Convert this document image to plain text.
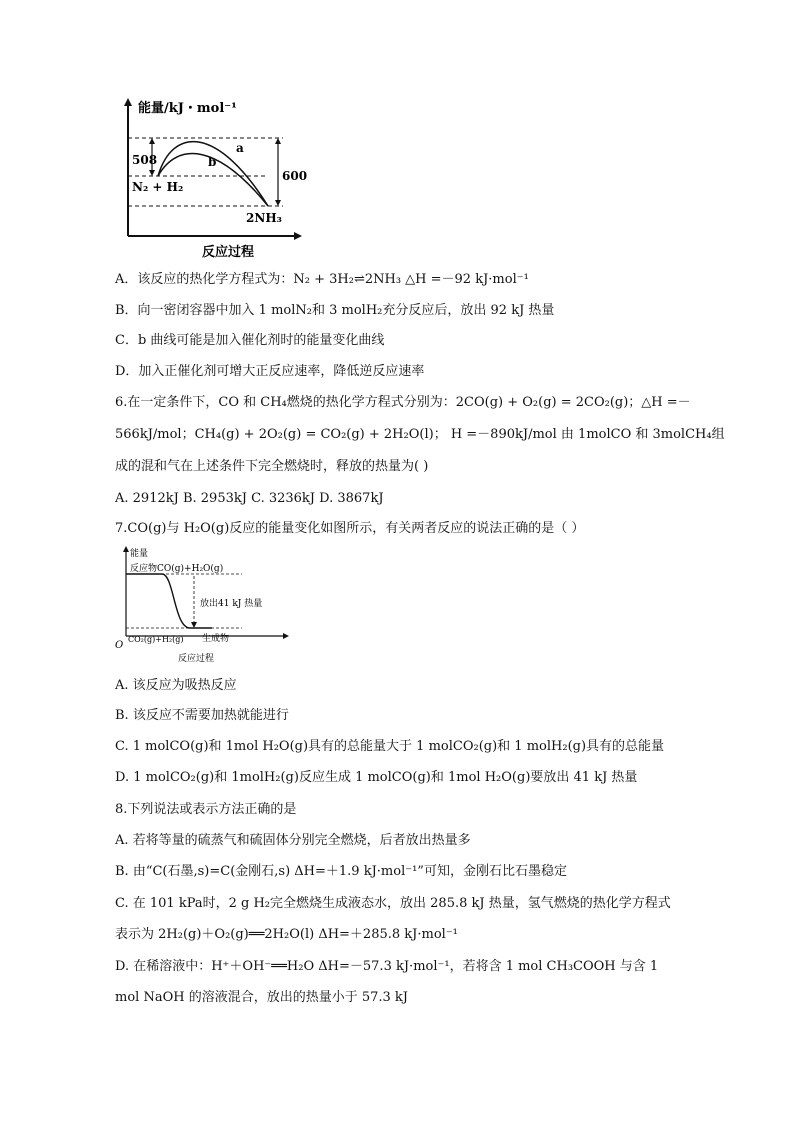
能量/kJ・mol⁻¹
508
600
a
b
N₂ + H₂
2NH₃
反应过程
A．该反应的热化学方程式为：N₂ + 3H₂⇌2NH₃ △H =－92 kJ·mol⁻¹
B．向一密闭容器中加入 1 molN₂和 3 molH₂充分反应后，放出 92 kJ 热量
C．b 曲线可能是加入催化剂时的能量变化曲线
D．加入正催化剂可增大正反应速率，降低逆反应速率
6.在一定条件下，CO 和 CH₄燃烧的热化学方程式分别为：2CO(g) + O₂(g) = 2CO₂(g)；△H =－
566kJ/mol；CH₄(g) + 2O₂(g) = CO₂(g) + 2H₂O(l)； H =－890kJ/mol 由 1molCO 和 3molCH₄组
成的混和气在上述条件下完全燃烧时，释放的热量为( )
A. 2912kJ B. 2953kJ C. 3236kJ D. 3867kJ
7.CO(g)与 H₂O(g)反应的能量变化如图所示，有关两者反应的说法正确的是（ ）
能量
反应物CO(g)+H₂O(g)
放出41 kJ 热量
CO₂(g)+H₂(g) 生成物
O
反应过程
A. 该反应为吸热反应
B. 该反应不需要加热就能进行
C. 1 molCO(g)和 1mol H₂O(g)具有的总能量大于 1 molCO₂(g)和 1 molH₂(g)具有的总能量
D. 1 molCO₂(g)和 1molH₂(g)反应生成 1 molCO(g)和 1mol H₂O(g)要放出 41 kJ 热量
8.下列说法或表示方法正确的是
A. 若将等量的硫蒸气和硫固体分别完全燃烧，后者放出热量多
B. 由“C(石墨,s)=C(金刚石,s) ΔH=＋1.9 kJ·mol⁻¹”可知，金刚石比石墨稳定
C. 在 101 kPa时，2 g H₂完全燃烧生成液态水，放出 285.8 kJ 热量，氢气燃烧的热化学方程式
表示为 2H₂(g)＋O₂(g)══2H₂O(l) ΔH=＋285.8 kJ·mol⁻¹
D. 在稀溶液中：H⁺＋OH⁻══H₂O ΔH=－57.3 kJ·mol⁻¹，若将含 1 mol CH₃COOH 与含 1
mol NaOH 的溶液混合，放出的热量小于 57.3 kJ
